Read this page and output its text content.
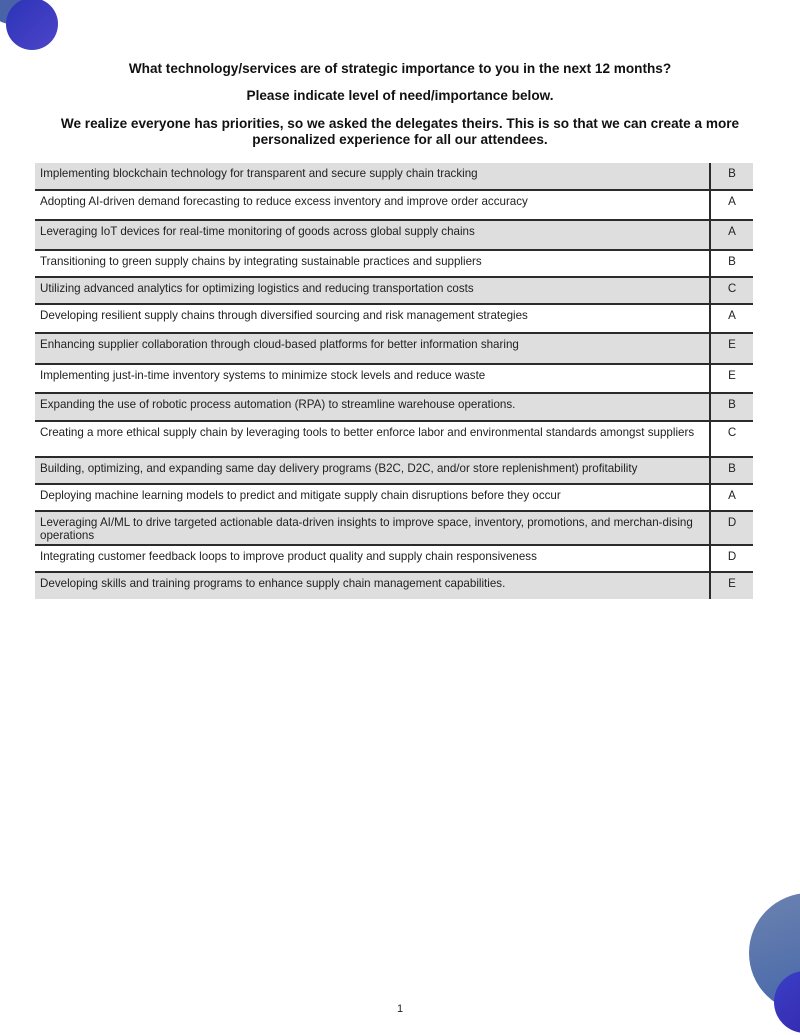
What technology/services are of strategic importance to you in the next 12 months?
Please indicate level of need/importance below.
We realize everyone has priorities, so we asked the delegates theirs. This is so that we can create a more personalized experience for all our attendees.
Implementing blockchain technology for transparent and secure supply chain tracking	B
Adopting AI-driven demand forecasting to reduce excess inventory and improve order accuracy	A
Leveraging IoT devices for real-time monitoring of goods across global supply chains	A
Transitioning to green supply chains by integrating sustainable practices and suppliers	B
Utilizing advanced analytics for optimizing logistics and reducing transportation costs	C
Developing resilient supply chains through diversified sourcing and risk management strategies	A
Enhancing supplier collaboration through cloud-based platforms for better information sharing	E
Implementing just-in-time inventory systems to minimize stock levels and reduce waste	E
Expanding the use of robotic process automation (RPA) to streamline warehouse operations.	B
Creating a more ethical supply chain by leveraging tools to better enforce labor and environmental standards amongst suppliers	C
Building, optimizing, and expanding same day delivery programs (B2C, D2C, and/or store replenishment) profitability	B
Deploying machine learning models to predict and mitigate supply chain disruptions before they occur	A
Leveraging AI/ML to drive targeted actionable data-driven insights to improve space, inventory, promotions, and merchan-dising operations	D
Integrating customer feedback loops to improve product quality and supply chain responsiveness	D
Developing skills and training programs to enhance supply chain management capabilities.	E
1
